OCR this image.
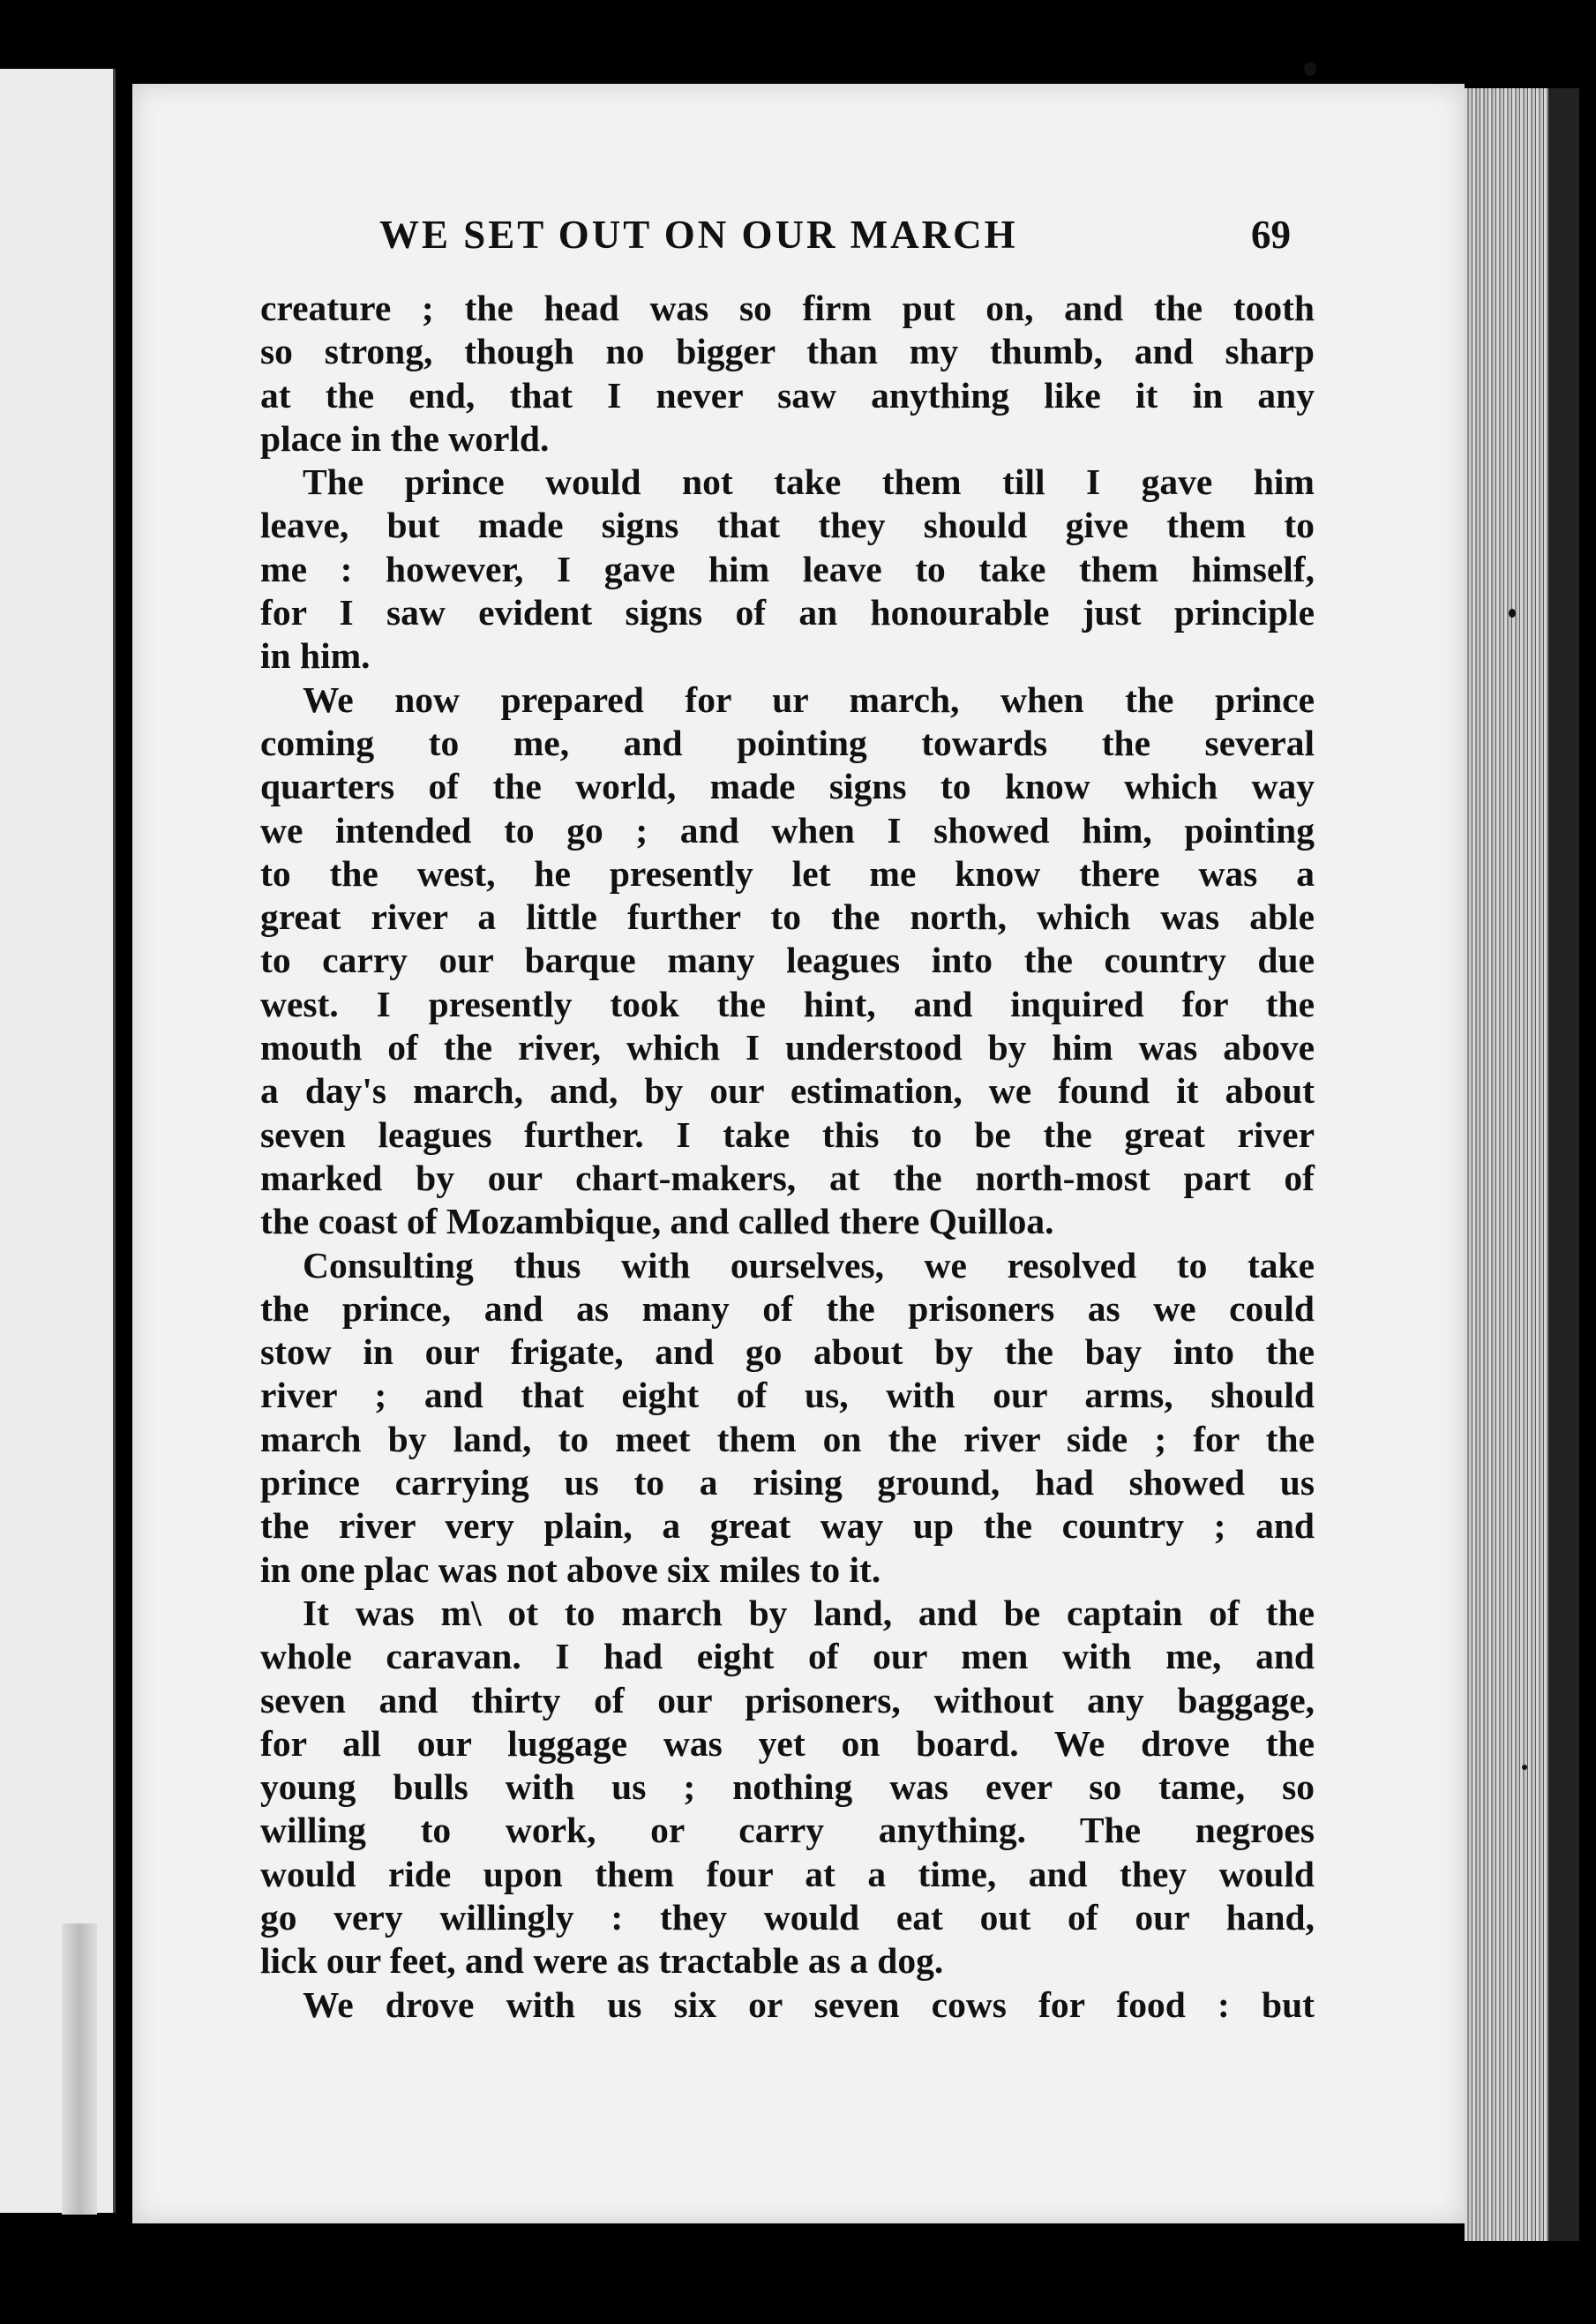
WE SET OUT ON OUR MARCH	69
creature ; the head was so firm put on, and the tooth
so strong, though no bigger than my thumb, and sharp
at the end, that I never saw anything like it in any
place in the world.
The prince would not take them till I gave him
leave, but made signs that they should give them to
me : however, I gave him leave to take them himself,
for I saw evident signs of an honourable just principle
in him.
We now prepared for ur march, when the prince
coming to me, and pointing towards the several
quarters of the world, made signs to know which way
we intended to go ; and when I showed him, pointing
to the west, he presently let me know there was a
great river a little further to the north, which was able
to carry our barque many leagues into the country due
west. I presently took the hint, and inquired for the
mouth of the river, which I understood by him was above
a day's march, and, by our estimation, we found it about
seven leagues further. I take this to be the great river
marked by our chart-makers, at the north-most part of
the coast of Mozambique, and called there Quilloa.
Consulting thus with ourselves, we resolved to take
the prince, and as many of the prisoners as we could
stow in our frigate, and go about by the bay into the
river ; and that eight of us, with our arms, should
march by land, to meet them on the river side ; for the
prince carrying us to a rising ground, had showed us
the river very plain, a great way up the country ; and
in one plac was not above six miles to it.
It was m\ ot to march by land, and be captain of the
whole caravan. I had eight of our men with me, and
seven and thirty of our prisoners, without any baggage,
for all our luggage was yet on board. We drove the
young bulls with us ; nothing was ever so tame, so
willing to work, or carry anything. The negroes
would ride upon them four at a time, and they would
go very willingly : they would eat out of our hand,
lick our feet, and were as tractable as a dog.
We drove with us six or seven cows for food : but
